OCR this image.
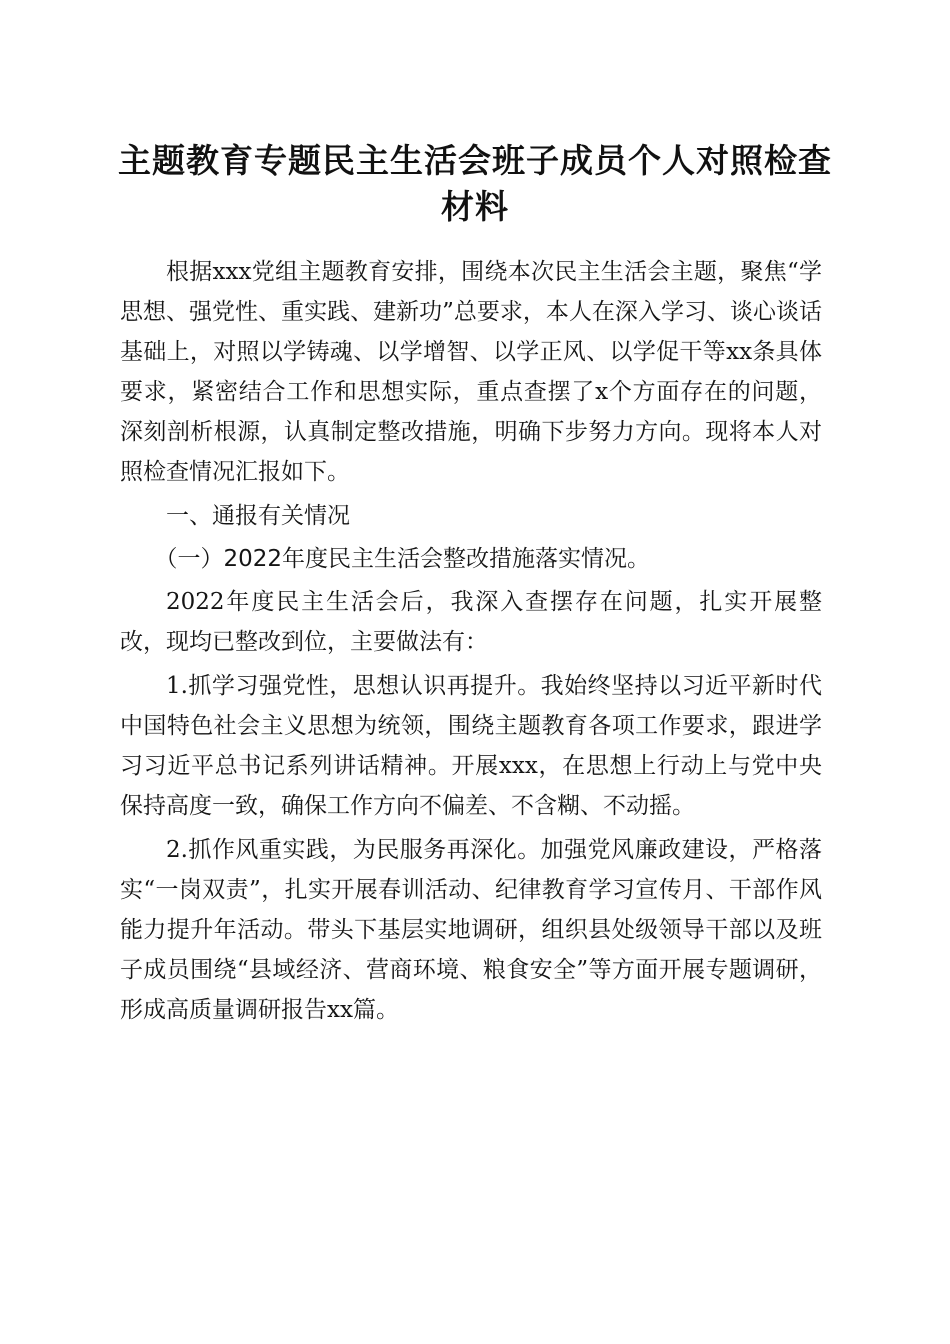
主题教育专题民主生活会班子成员个人对照检查材料

根据xxx党组主题教育安排，围绕本次民主生活会主题，聚焦“学思想、强党性、重实践、建新功”总要求，本人在深入学习、谈心谈话基础上，对照以学铸魂、以学增智、以学正风、以学促干等xx条具体要求，紧密结合工作和思想实际，重点查摆了x个方面存在的问题，深刻剖析根源，认真制定整改措施，明确下步努力方向。现将本人对照检查情况汇报如下。

一、通报有关情况

（一）2022年度民主生活会整改措施落实情况。

2022年度民主生活会后，我深入查摆存在问题，扎实开展整改，现均已整改到位，主要做法有：

1.抓学习强党性，思想认识再提升。我始终坚持以习近平新时代中国特色社会主义思想为统领，围绕主题教育各项工作要求，跟进学习习近平总书记系列讲话精神。开展xxx，在思想上行动上与党中央保持高度一致，确保工作方向不偏差、不含糊、不动摇。

2.抓作风重实践，为民服务再深化。加强党风廉政建设，严格落实“一岗双责”，扎实开展春训活动、纪律教育学习宣传月、干部作风能力提升年活动。带头下基层实地调研，组织县处级领导干部以及班子成员围绕“县域经济、营商环境、粮食安全”等方面开展专题调研，形成高质量调研报告xx篇。
